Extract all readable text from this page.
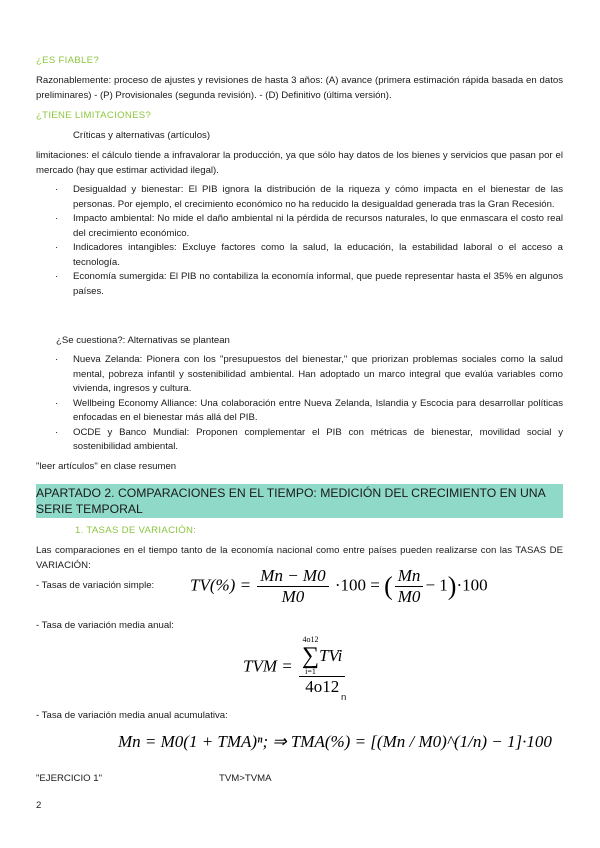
¿ES FIABLE?
Razonablemente: proceso de ajustes y revisiones de hasta 3 años: (A) avance (primera estimación rápida basada en datos preliminares) - (P) Provisionales (segunda revisión). - (D) Definitivo (última versión).
¿TIENE LIMITACIONES?
Críticas y alternativas (artículos)
limitaciones: el cálculo tiende a infravalorar la producción, ya que sólo hay datos de los bienes y servicios que pasan por el mercado (hay que estimar actividad ilegal).
· Desigualdad y bienestar: El PIB ignora la distribución de la riqueza y cómo impacta en el bienestar de las personas. Por ejemplo, el crecimiento económico no ha reducido la desigualdad generada tras la Gran Recesión.
· Impacto ambiental: No mide el daño ambiental ni la pérdida de recursos naturales, lo que enmascara el costo real del crecimiento económico.
· Indicadores intangibles: Excluye factores como la salud, la educación, la estabilidad laboral o el acceso a tecnología.
· Economía sumergida: El PIB no contabiliza la economía informal, que puede representar hasta el 35% en algunos países.
¿Se cuestiona?: Alternativas se plantean
· Nueva Zelanda: Pionera con los "presupuestos del bienestar," que priorizan problemas sociales como la salud mental, pobreza infantil y sostenibilidad ambiental. Han adoptado un marco integral que evalúa variables como vivienda, ingresos y cultura.
· Wellbeing Economy Alliance: Una colaboración entre Nueva Zelanda, Islandia y Escocia para desarrollar políticas enfocadas en el bienestar más allá del PIB.
· OCDE y Banco Mundial: Proponen complementar el PIB con métricas de bienestar, movilidad social y sostenibilidad ambiental.
"leer artículos" en clase resumen
APARTADO 2. COMPARACIONES EN EL TIEMPO: MEDICIÓN DEL CRECIMIENTO EN UNA SERIE TEMPORAL
1. TASAS DE VARIACIÓN:
Las comparaciones en el tiempo tanto de la economía nacional como entre países pueden realizarse con las TASAS DE VARIACIÓN:
- Tasas de variación simple:	$TV(\%) = \frac{Mn - M0}{M0} \cdot 100$ = ( $\frac{Mn}{M0} - 1)\cdot 100$
- Tasa de variación media anual:
TVM = 4o12
∑
i=1
TVi
4o12
n
- Tasa de variación media anual acumulativa:
Mn = M0(1 + TMA)ⁿ; ⇒ TMA(%) = [(Mn / M0)^(1/n) − 1]·100
"EJERCICIO 1"	TVM>TVMA
2
